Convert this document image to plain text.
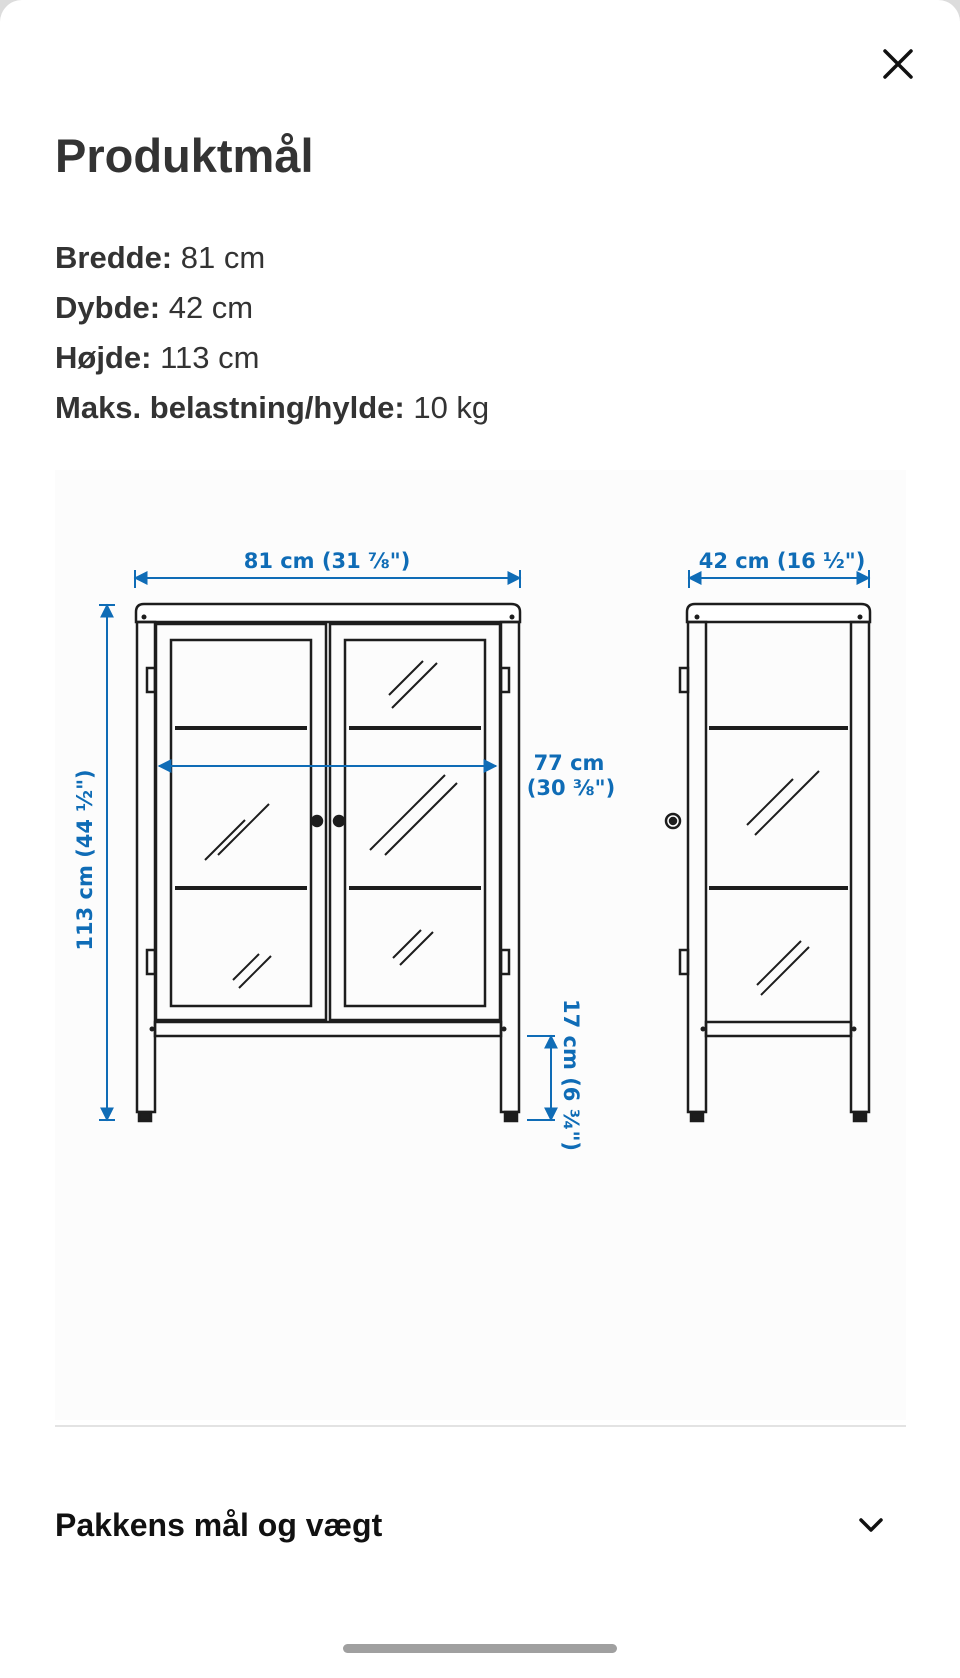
Produktmål
Bredde: 81 cm
Dybde: 42 cm
Højde: 113 cm
Maks. belastning/hylde: 10 kg
81 cm (31 ⅞")	42 cm (16 ½")
113 cm (44 ½")
77 cm
(30 ⅜")
17 cm (6 ¾")
Pakkens mål og vægt
